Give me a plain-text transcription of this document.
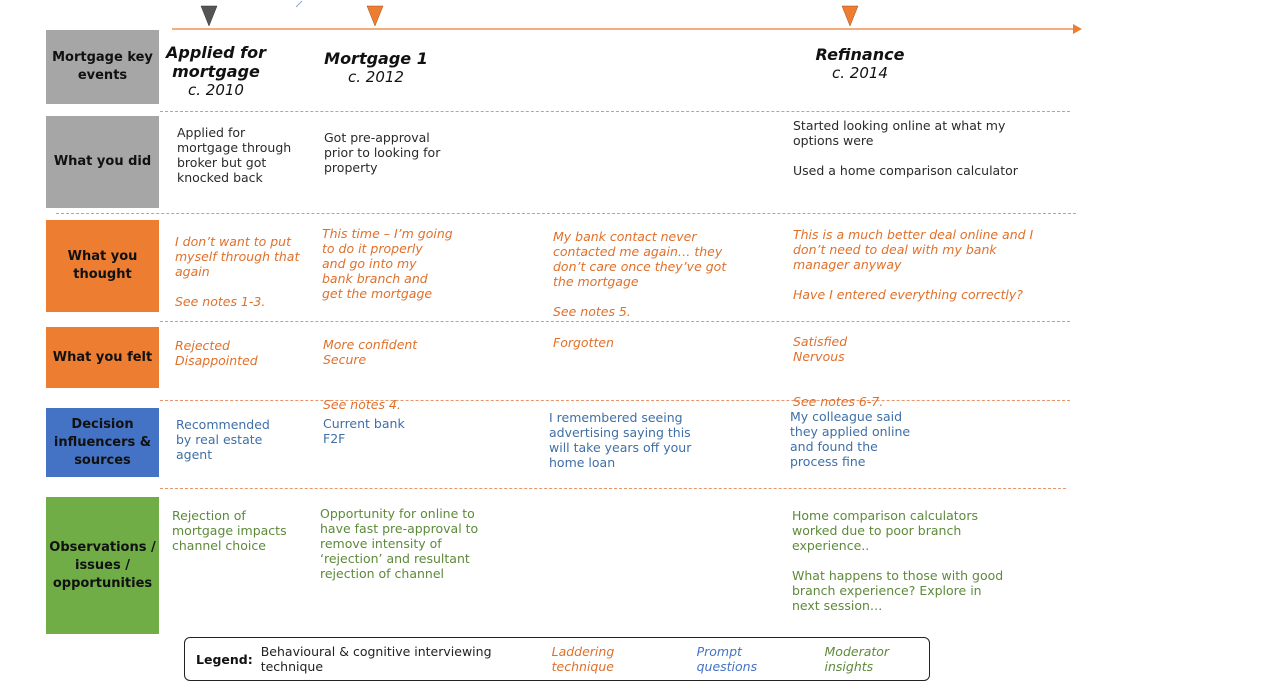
Applied for
mortgage
c. 2010
Mortgage 1
c. 2012
Refinance
c. 2014
Mortgage key events
What you did
What you thought
What you felt
Decision influencers & sources
Observations / issues / opportunities
Applied for
mortgage through
broker but got
knocked back
Got pre-approval
prior to looking for
property
Started looking online at what my
options were

Used a home comparison calculator
I don’t want to put
myself through that
again

See notes 1-3.
This time – I’m going
to do it properly
and go into my
bank branch and
get the mortgage
My bank contact never
contacted me again… they
don’t care once they’ve got
the mortgage

See notes 5.
This is a much better deal online and I
don’t need to deal with my bank
manager anyway

Have I entered everything correctly?
Rejected
Disappointed
More confident
Secure

See notes 4.
Forgotten	Satisfied
Nervous

See notes 6-7.
Recommended
by real estate
agent
Current bank
F2F
I remembered seeing
advertising saying this
will take years off your
home loan
My colleague said
they applied online
and found the
process fine
Rejection of
mortgage impacts
channel choice
Opportunity for online to
have fast pre-approval to
remove intensity of
‘rejection’ and resultant
rejection of channel
Home comparison calculators
worked due to poor branch
experience..

What happens to those with good
branch experience? Explore in
next session…
Legend: Behavioural & cognitive interviewing technique
Laddering technique
Prompt questions
Moderator insights
